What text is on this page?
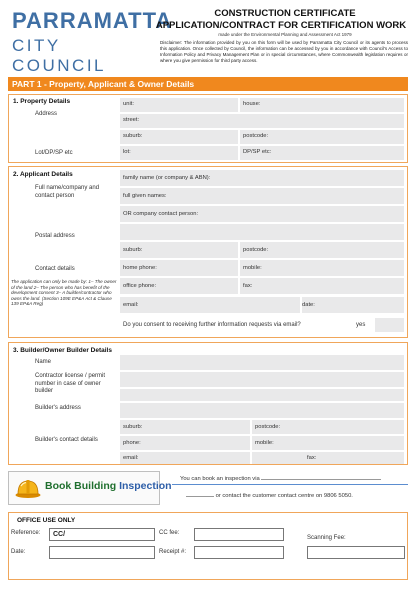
PARRAMATTA
CITY COUNCIL
CONSTRUCTION CERTIFICATE
APPLICATION/CONTRACT FOR CERTIFICATION WORK
made under the Environmental Planning and Assessment Act 1979
Disclaimer: The information provided by you on this form will be used by Parramatta City Council or its agents to process this application. Once collected by Council, the information can be accessed by you in accordance with Council's Access to Information Policy and Privacy Management Plan or in special circumstances, where Commonwealth legislation requires or where you give permission for third party access.
PART 1 - Property, Applicant & Owner Details
1. Property Details
Address
Lot/DP/SP etc
unit:	house:
street:
suburb:	postcode:
lot:	DP/SP etc:
2. Applicant Details
Full name/company and contact person
Postal address
Contact details
The application can only be made by: 1– The owner of the land 2– The person who has benefit of the development consent 3– A builder/contractor who owns the land. (Section 109E EP&A Act & Clause 139 EP&A Reg)
family name (or company & ABN):
full given names:
OR company contact person:
suburb:	postcode:
home phone:	mobile:
office phone:	fax:
email:	date:
Do you consent to receiving further information requests via email?	yes
3. Builder/Owner Builder Details
Name
Contractor license / permit number in case of owner builder
Builder's address
Builder's contact details
suburb:	postcode:
phone:	mobile:
email:	fax:
Book Building Inspection
You can book an inspection via
or contact the customer contact centre on 9806 5050.
OFFICE USE ONLY
Reference:	CC/	CC fee:
Scanning Fee:
Date:	Receipt #:
